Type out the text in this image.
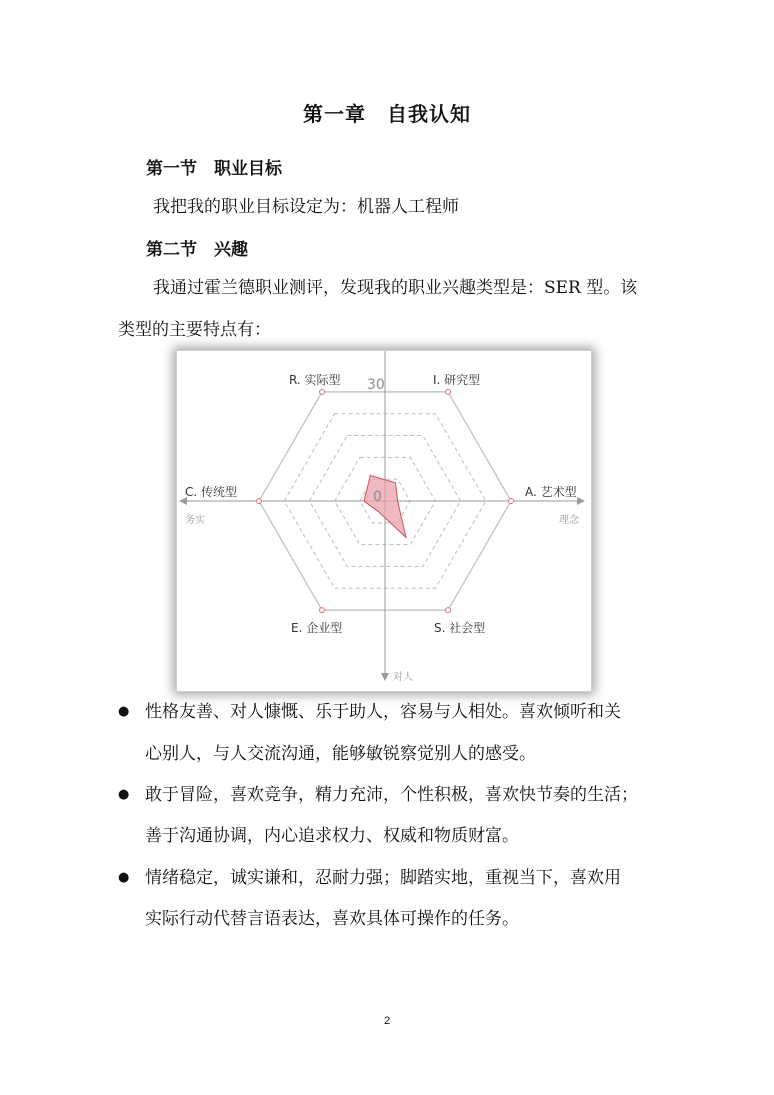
第一章　自我认知
第一节　职业目标
我把我的职业目标设定为：机器人工程师
第二节　兴趣
我通过霍兰德职业测评，发现我的职业兴趣类型是：SER 型。该
类型的主要特点有：
30
0
R. 实际型	I. 研究型
A. 艺术型
S. 社会型
E. 企业型
C. 传统型
务实	理念
对人
● 性格友善、对人慷慨、乐于助人，容易与人相处。喜欢倾听和关
心别人，与人交流沟通，能够敏锐察觉别人的感受。
● 敢于冒险，喜欢竞争，精力充沛，个性积极，喜欢快节奏的生活；
善于沟通协调，内心追求权力、权威和物质财富。
● 情绪稳定，诚实谦和，忍耐力强；脚踏实地，重视当下，喜欢用
实际行动代替言语表达，喜欢具体可操作的任务。
2
